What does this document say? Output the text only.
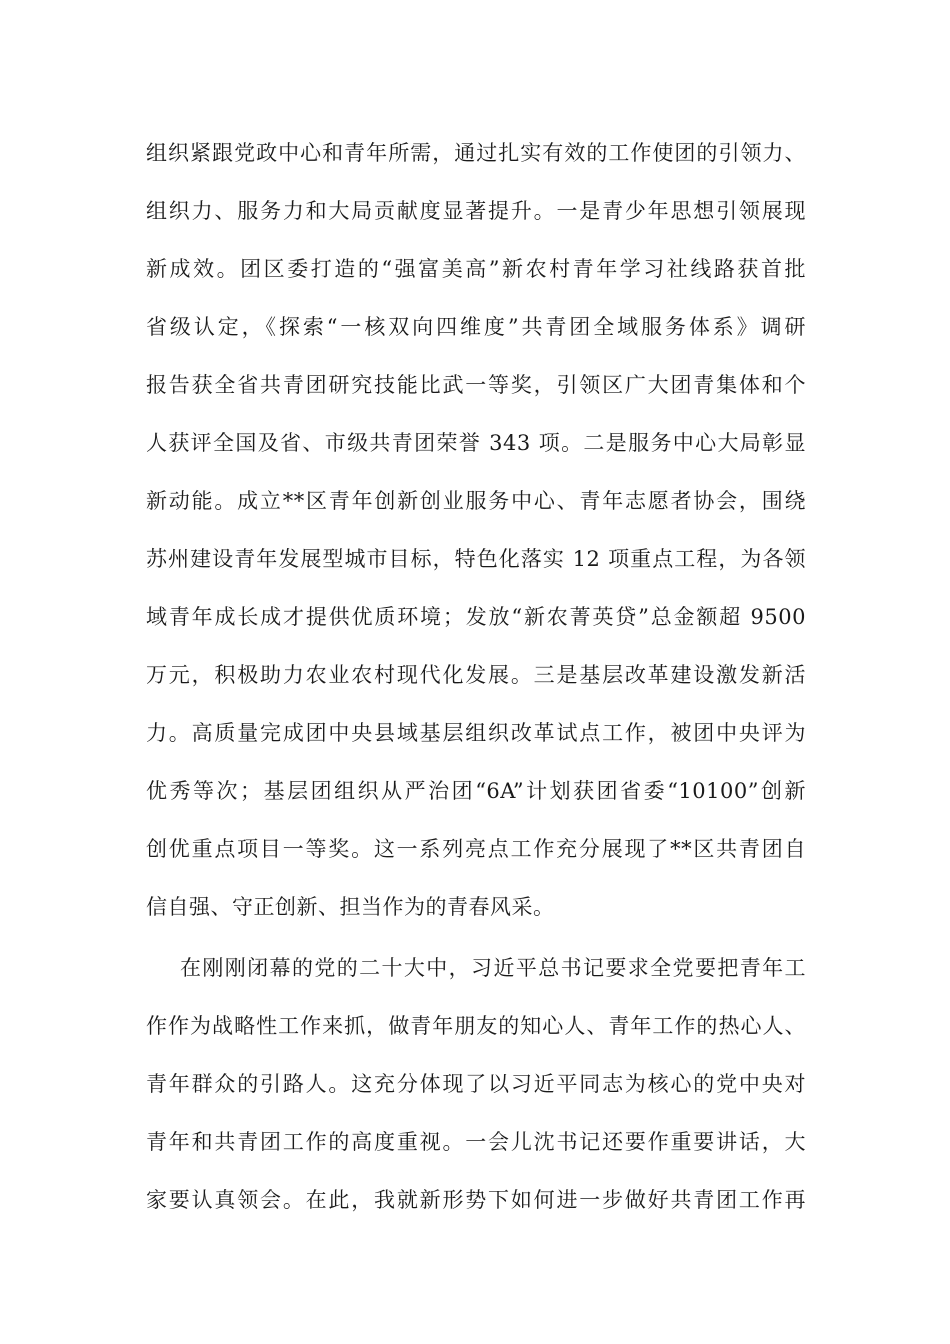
组织紧跟党政中心和青年所需，通过扎实有效的工作使团的引领力、

组织力、服务力和大局贡献度显著提升。一是青少年思想引领展现

新成效。团区委打造的“强富美高”新农村青年学习社线路获首批

省级认定，《探索“一核双向四维度”共青团全域服务体系》调研

报告获全省共青团研究技能比武一等奖，引领区广大团青集体和个

人获评全国及省、市级共青团荣誉 343 项。二是服务中心大局彰显

新动能。成立**区青年创新创业服务中心、青年志愿者协会，围绕

苏州建设青年发展型城市目标，特色化落实 12 项重点工程，为各领

域青年成长成才提供优质环境；发放“新农菁英贷”总金额超 9500

万元，积极助力农业农村现代化发展。三是基层改革建设激发新活

力。高质量完成团中央县域基层组织改革试点工作，被团中央评为

优秀等次；基层团组织从严治团“6A”计划获团省委“10100”创新

创优重点项目一等奖。这一系列亮点工作充分展现了**区共青团自

信自强、守正创新、担当作为的青春风采。

在刚刚闭幕的党的二十大中，习近平总书记要求全党要把青年工

作作为战略性工作来抓，做青年朋友的知心人、青年工作的热心人、

青年群众的引路人。这充分体现了以习近平同志为核心的党中央对

青年和共青团工作的高度重视。一会儿沈书记还要作重要讲话，大

家要认真领会。在此，我就新形势下如何进一步做好共青团工作再
